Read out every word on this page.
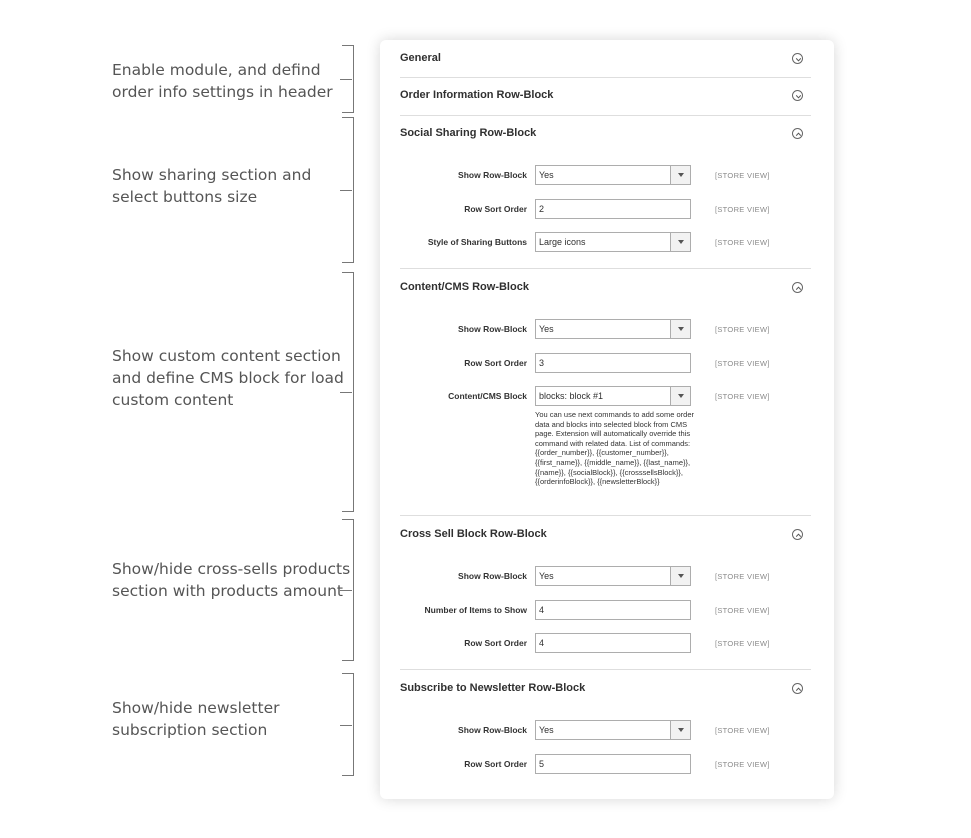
Enable module, and defind order info settings in header
Show sharing section and select buttons size
Show custom content section and define CMS block for load custom content
Show/hide cross-sells products section with products amount
Show/hide newsletter subscription section
General
Order Information Row-Block
Social Sharing Row-Block
Show Row-Block	Yes	[STORE VIEW]
Row Sort Order	2	[STORE VIEW]
Style of Sharing Buttons	Large icons	[STORE VIEW]
Content/CMS Row-Block
Show Row-Block	Yes	[STORE VIEW]
Row Sort Order	3	[STORE VIEW]
Content/CMS Block	blocks: block #1	[STORE VIEW]
You can use next commands to add some order data and blocks into selected block from CMS page. Extension will automatically override this command with related data. List of commands: {{order_number}}, {{customer_number}}, {{first_name}}, {{middle_name}}, {{last_name}}, {{name}}, {{socialBlock}}, {{crosssellsBlock}}, {{orderinfoBlock}}, {{newsletterBlock}}
Cross Sell Block Row-Block
Show Row-Block	Yes	[STORE VIEW]
Number of Items to Show	4	[STORE VIEW]
Row Sort Order	4	[STORE VIEW]
Subscribe to Newsletter Row-Block
Show Row-Block	Yes	[STORE VIEW]
Row Sort Order	5	[STORE VIEW]
